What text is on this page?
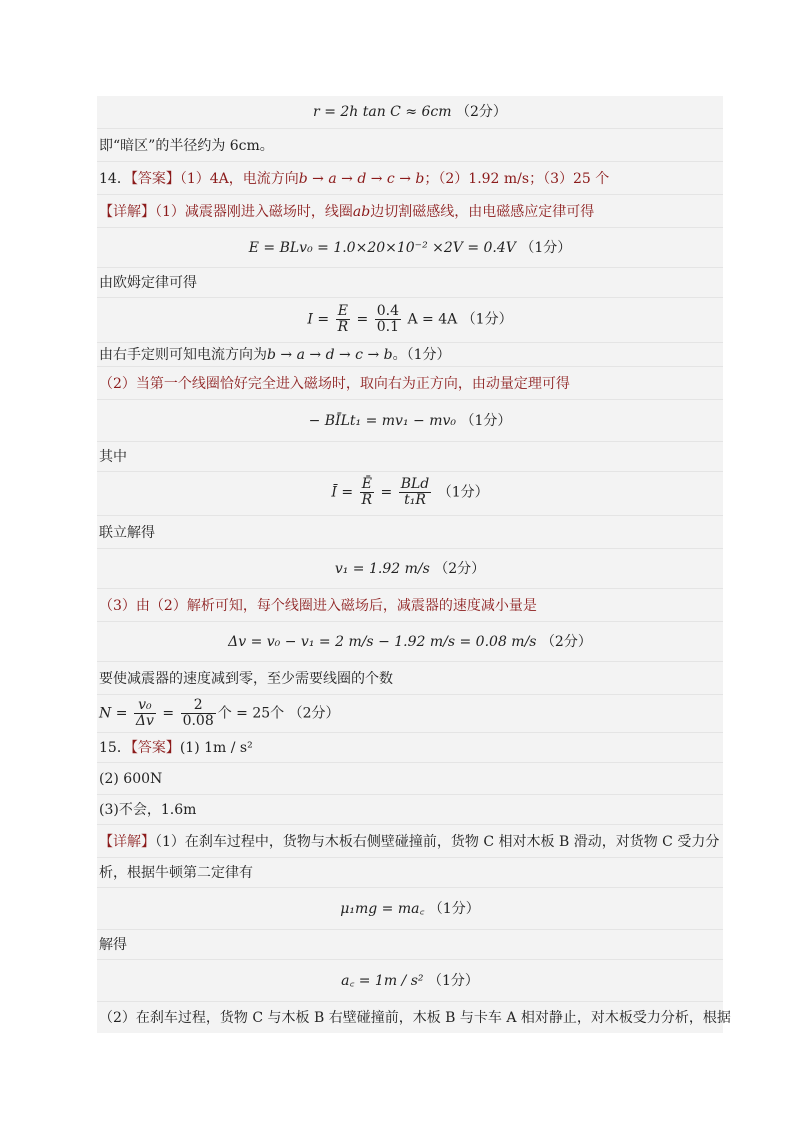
r = 2h tan C ≈ 6cm （2分）
即“暗区”的半径约为 6cm。
14．【答案】（1）4A，电流方向b → a → d → c → b；（2）1.92 m/s；（3）25 个
【详解】（1）减震器刚进入磁场时，线圈ab边切割磁感线，由电磁感应定律可得
E = BLv₀ = 1.0×20×10⁻² ×2V = 0.4V （1分）
由欧姆定律可得
$I = \frac{E}{R} = \frac{0.4}{0.1}$ A = 4A （1分）
由右手定则可知电流方向为b → a → d → c → b。（1分）
（2）当第一个线圈恰好完全进入磁场时，取向右为正方向，由动量定理可得
− BĪLt₁ = mv₁ − mv₀ （1分）
其中
Ī = $\frac{Ē}{R} = \frac{\text{BLd}}{\text{t₁R}} (1$分）
联立解得
v₁ = 1.92 m/s （2分）
（3）由（2）解析可知，每个线圈进入磁场后，减震器的速度减小量是
Δv = v₀ − v₁ = 2 m/s − 1.92 m/s = 0.08 m/s （2分）
要使减震器的速度减到零，至少需要线圈的个数
$N = \frac{\text{v₀}}{\Delta v} = \frac{2}{0.08}$ 个 = 25个 （2分）
15．【答案】(1) 1m / s²
(2) 600N
(3)不会，1.6m
【详解】（1）在刹车过程中，货物与木板右侧壁碰撞前，货物 C 相对木板 B 滑动，对货物 C 受力分
析，根据牛顿第二定律有
μ₁mg = ma꜀ （1分）
解得
a꜀ = 1m / s² （1分）
（2）在刹车过程，货物 C 与木板 B 右壁碰撞前，木板 B 与卡车 A 相对静止，对木板受力分析，根据
